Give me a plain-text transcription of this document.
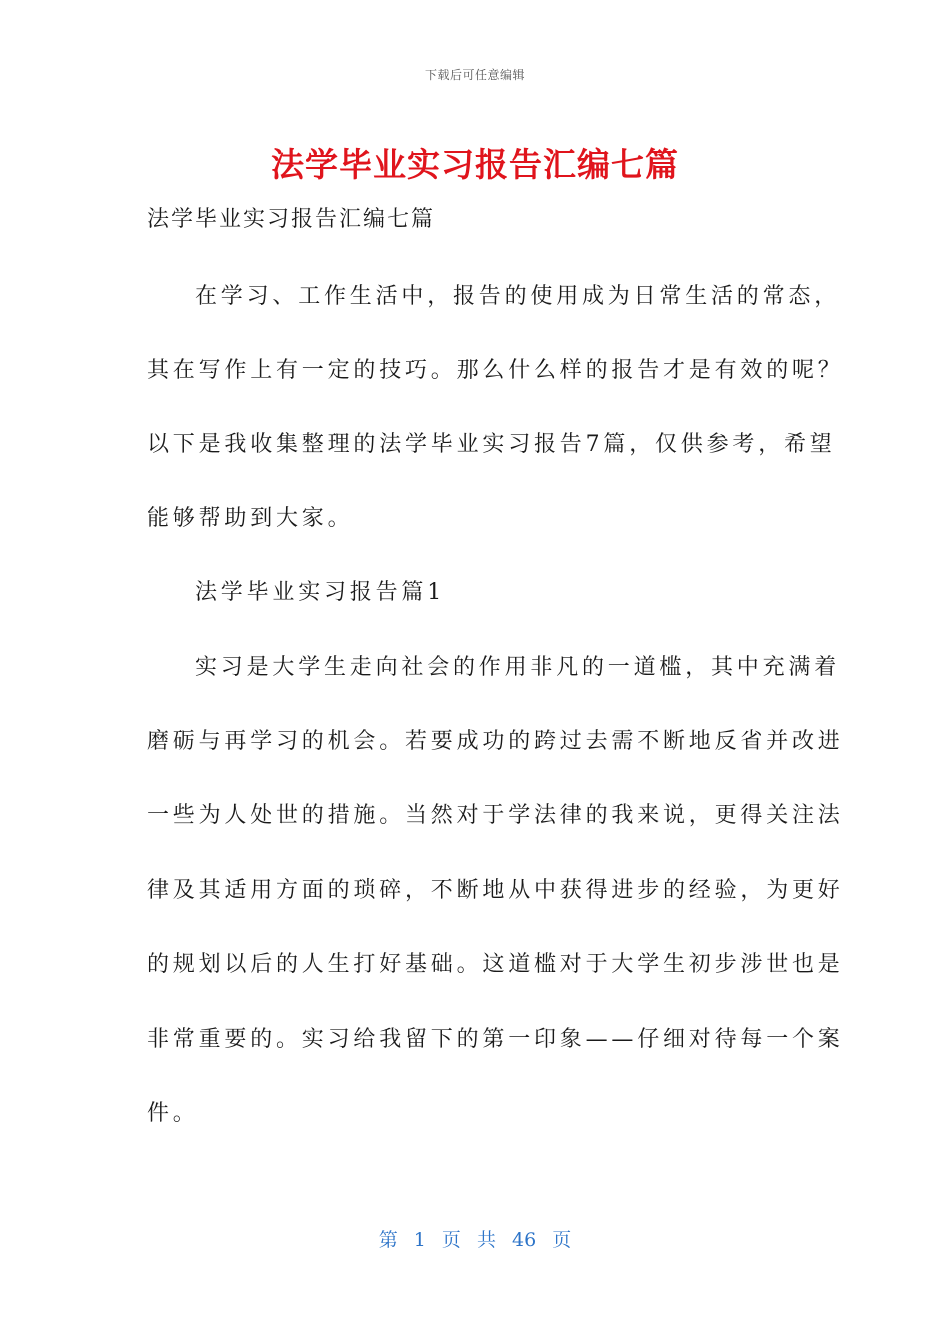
下载后可任意编辑
法学毕业实习报告汇编七篇
法学毕业实习报告汇编七篇
在学习、工作生活中，报告的使用成为日常生活的常态，
其在写作上有一定的技巧。那么什么样的报告才是有效的呢？
以下是我收集整理的法学毕业实习报告7篇，仅供参考，希望
能够帮助到大家。
法学毕业实习报告篇1
实习是大学生走向社会的作用非凡的一道槛，其中充满着
磨砺与再学习的机会。若要成功的跨过去需不断地反省并改进
一些为人处世的措施。当然对于学法律的我来说，更得关注法
律及其适用方面的琐碎，不断地从中获得进步的经验，为更好
的规划以后的人生打好基础。这道槛对于大学生初步涉世也是
非常重要的。实习给我留下的第一印象——仔细对待每一个案
件。
第 1 页 共 46 页
